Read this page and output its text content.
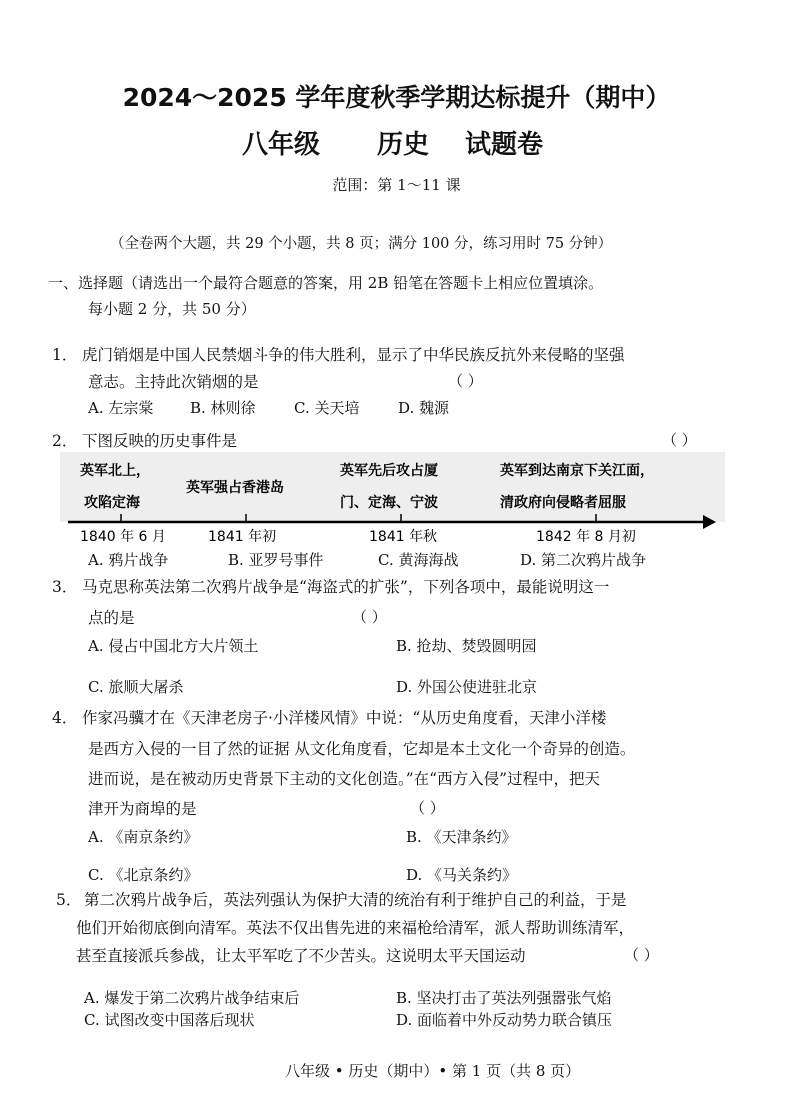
2024～2025 学年度秋季学期达标提升（期中）
八年级 历史 试题卷
范围：第 1～11 课
（全卷两个大题，共 29 个小题，共 8 页；满分 100 分，练习用时 75 分钟）
一、选择题（请选出一个最符合题意的答案，用 2B 铅笔在答题卡上相应位置填涂。
每小题 2 分，共 50 分）
1． 虎门销烟是中国人民禁烟斗争的伟大胜利，显示了中华民族反抗外来侵略的坚强
意志。主持此次销烟的是	（ ）
A. 左宗棠 B. 林则徐	C. 关天培	D. 魏源
2． 下图反映的历史事件是	（ ）
英军北上，
攻陷定海
英军强占香港岛
英军先后攻占厦
门、定海、宁波
英军到达南京下关江面，
清政府向侵略者屈服
1840 年 6 月	1841 年初	1841 年秋	1842 年 8 月初
A. 鸦片战争	B. 亚罗号事件	C. 黄海海战	D. 第二次鸦片战争
3． 马克思称英法第二次鸦片战争是“海盗式的扩张”，下列各项中，最能说明这一
点的是	（ ）
A. 侵占中国北方大片领土	B. 抢劫、焚毁圆明园
C. 旅顺大屠杀	D. 外国公使进驻北京
4． 作家冯骥才在《天津老房子·小洋楼风情》中说：“从历史角度看，天津小洋楼
是西方入侵的一目了然的证据 从文化角度看，它却是本土文化一个奇异的创造。
进而说，是在被动历史背景下主动的文化创造。”在“西方入侵”过程中，把天
津开为商埠的是	（ ）
A. 《南京条约》	B. 《天津条约》
C. 《北京条约》	D. 《马关条约》
5． 第二次鸦片战争后，英法列强认为保护大清的统治有利于维护自己的利益，于是
他们开始彻底倒向清军。英法不仅出售先进的来福枪给清军，派人帮助训练清军，
甚至直接派兵参战，让太平军吃了不少苦头。这说明太平天国运动	（ ）
A. 爆发于第二次鸦片战争结束后	B. 坚决打击了英法列强嚣张气焰
C. 试图改变中国落后现状	D. 面临着中外反动势力联合镇压
八年级 • 历史（期中）• 第 1 页（共 8 页）
